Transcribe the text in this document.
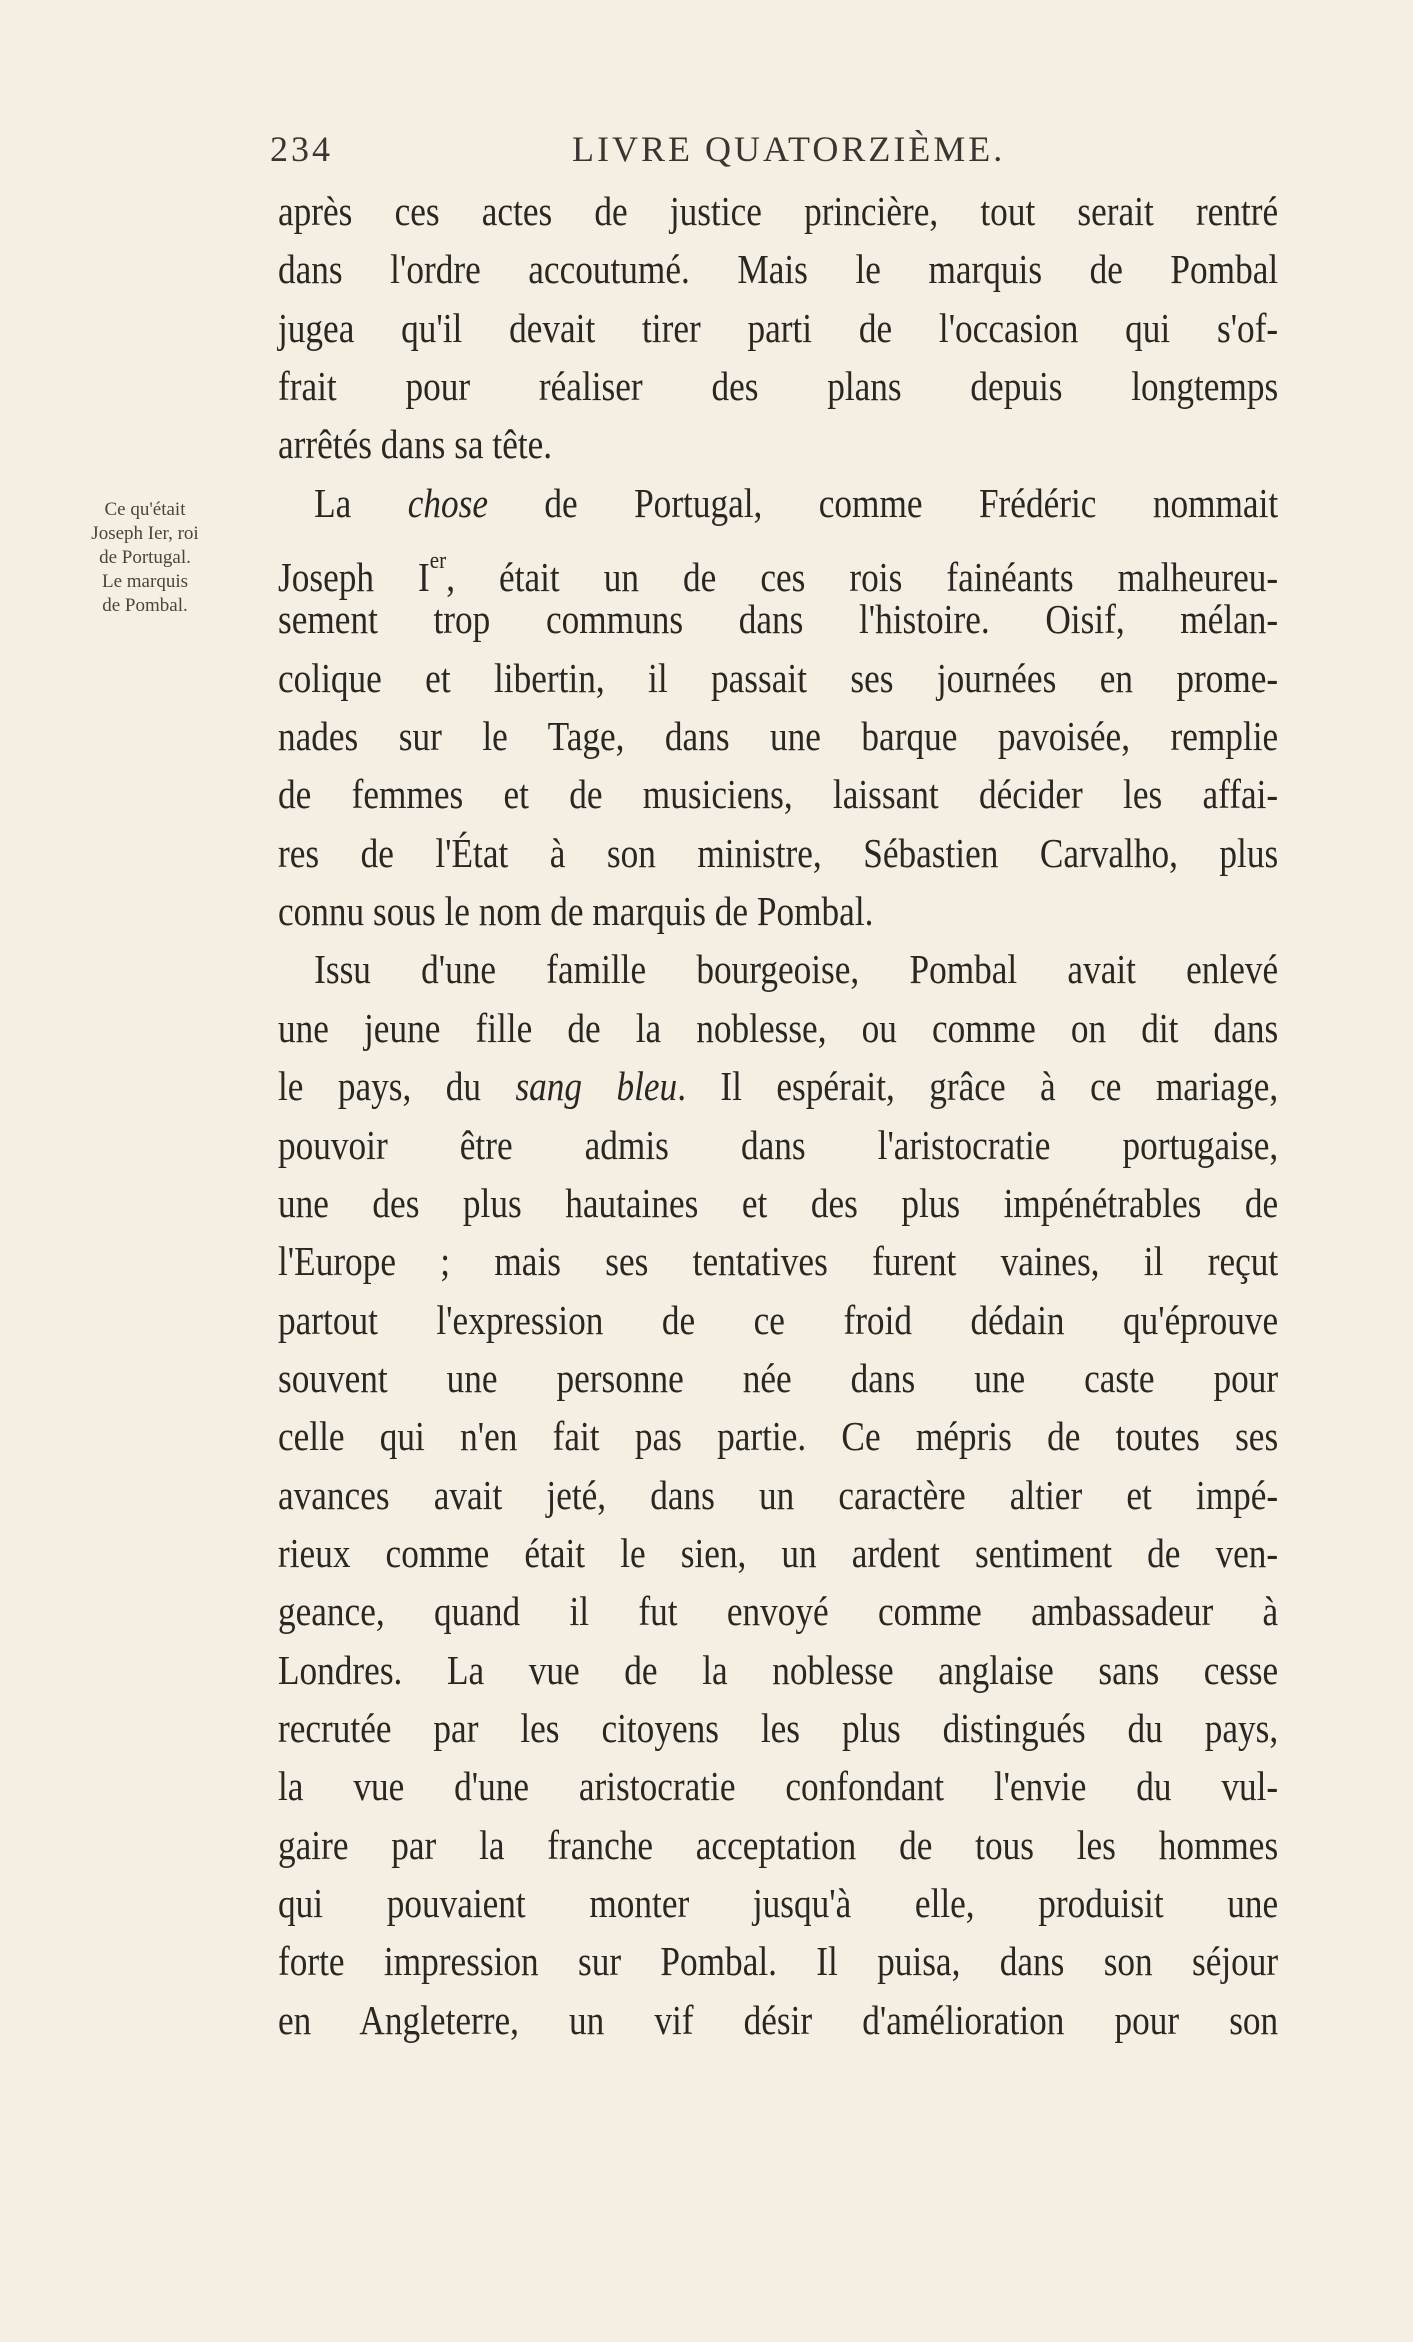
234	LIVRE QUATORZIÈME.
Ce qu'était
Joseph Ier, roi
de Portugal.
Le marquis
de Pombal.
après ces actes de justice princière, tout serait rentré
dans l'ordre accoutumé. Mais le marquis de Pombal
jugea qu'il devait tirer parti de l'occasion qui s'of-
frait pour réaliser des plans depuis longtemps
arrêtés dans sa tête.
La chose de Portugal, comme Frédéric nommait
Joseph Ier, était un de ces rois fainéants malheureu-
sement trop communs dans l'histoire. Oisif, mélan-
colique et libertin, il passait ses journées en prome-
nades sur le Tage, dans une barque pavoisée, remplie
de femmes et de musiciens, laissant décider les affai-
res de l'État à son ministre, Sébastien Carvalho, plus
connu sous le nom de marquis de Pombal.
Issu d'une famille bourgeoise, Pombal avait enlevé
une jeune fille de la noblesse, ou comme on dit dans
le pays, du sang bleu. Il espérait, grâce à ce mariage,
pouvoir être admis dans l'aristocratie portugaise,
une des plus hautaines et des plus impénétrables de
l'Europe ; mais ses tentatives furent vaines, il reçut
partout l'expression de ce froid dédain qu'éprouve
souvent une personne née dans une caste pour
celle qui n'en fait pas partie. Ce mépris de toutes ses
avances avait jeté, dans un caractère altier et impé-
rieux comme était le sien, un ardent sentiment de ven-
geance, quand il fut envoyé comme ambassadeur à
Londres. La vue de la noblesse anglaise sans cesse
recrutée par les citoyens les plus distingués du pays,
la vue d'une aristocratie confondant l'envie du vul-
gaire par la franche acceptation de tous les hommes
qui pouvaient monter jusqu'à elle, produisit une
forte impression sur Pombal. Il puisa, dans son séjour
en Angleterre, un vif désir d'amélioration pour son
